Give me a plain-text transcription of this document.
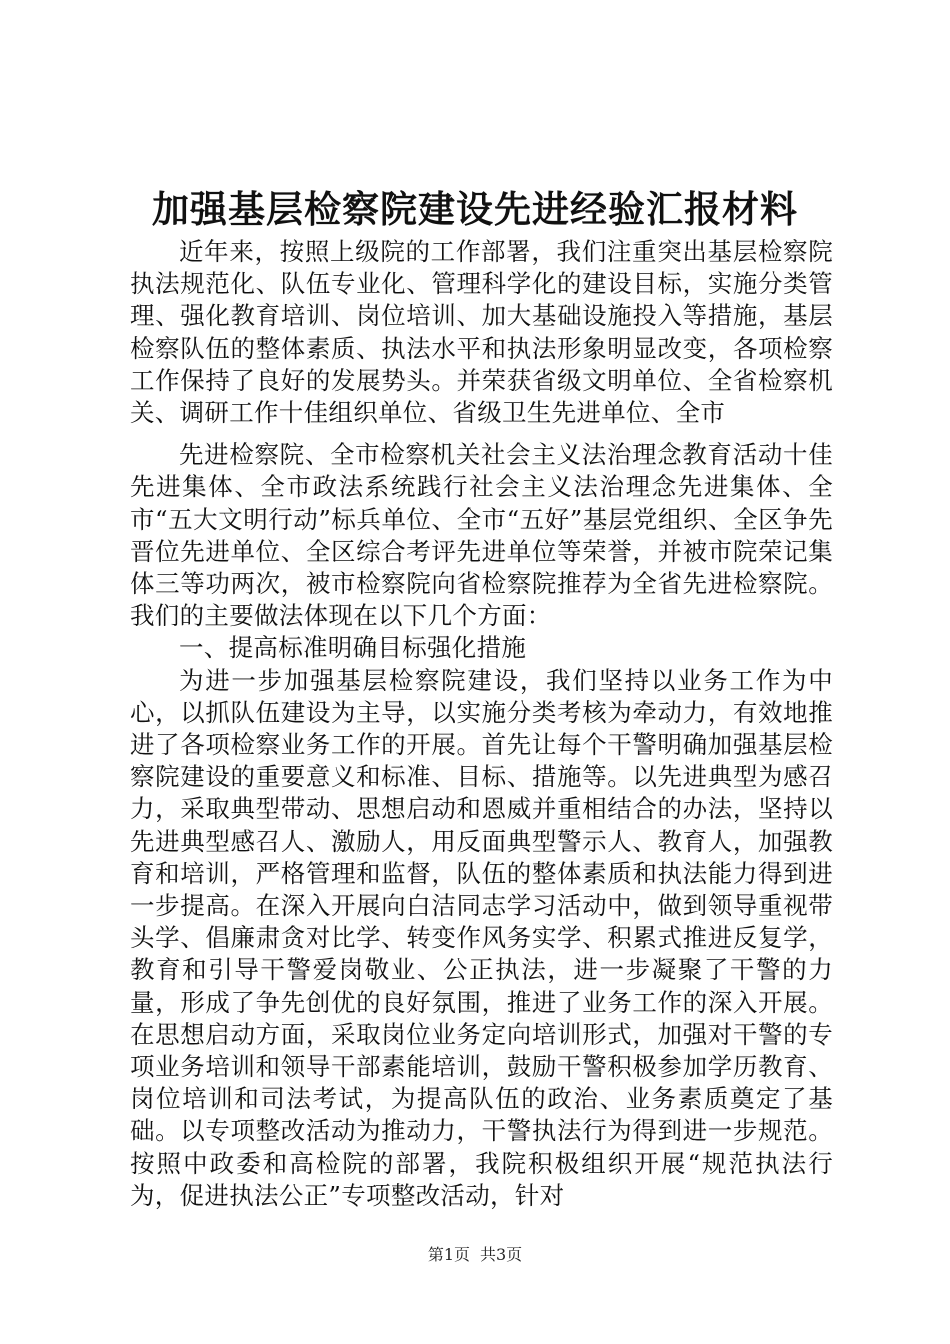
加强基层检察院建设先进经验汇报材料

近年来，按照上级院的工作部署，我们注重突出基层检察院执法规范化、队伍专业化、管理科学化的建设目标，实施分类管理、强化教育培训、岗位培训、加大基础设施投入等措施，基层检察队伍的整体素质、执法水平和执法形象明显改变，各项检察工作保持了良好的发展势头。并荣获省级文明单位、全省检察机关、调研工作十佳组织单位、省级卫生先进单位、全市

先进检察院、全市检察机关社会主义法治理念教育活动十佳先进集体、全市政法系统践行社会主义法治理念先进集体、全市“五大文明行动”标兵单位、全市“五好”基层党组织、全区争先晋位先进单位、全区综合考评先进单位等荣誉，并被市院荣记集体三等功两次，被市检察院向省检察院推荐为全省先进检察院。我们的主要做法体现在以下几个方面：

一、提高标准明确目标强化措施

为进一步加强基层检察院建设，我们坚持以业务工作为中心，以抓队伍建设为主导，以实施分类考核为牵动力，有效地推进了各项检察业务工作的开展。首先让每个干警明确加强基层检察院建设的重要意义和标准、目标、措施等。以先进典型为感召力，采取典型带动、思想启动和恩威并重相结合的办法，坚持以先进典型感召人、激励人，用反面典型警示人、教育人，加强教育和培训，严格管理和监督，队伍的整体素质和执法能力得到进一步提高。在深入开展向白洁同志学习活动中，做到领导重视带头学、倡廉肃贪对比学、转变作风务实学、积累式推进反复学，教育和引导干警爱岗敬业、公正执法，进一步凝聚了干警的力量，形成了争先创优的良好氛围，推进了业务工作的深入开展。在思想启动方面，采取岗位业务定向培训形式，加强对干警的专项业务培训和领导干部素能培训，鼓励干警积极参加学历教育、岗位培训和司法考试，为提高队伍的政治、业务素质奠定了基础。以专项整改活动为推动力，干警执法行为得到进一步规范。按照中政委和高检院的部署，我院积极组织开展“规范执法行为，促进执法公正”专项整改活动，针对

第1页 共3页
